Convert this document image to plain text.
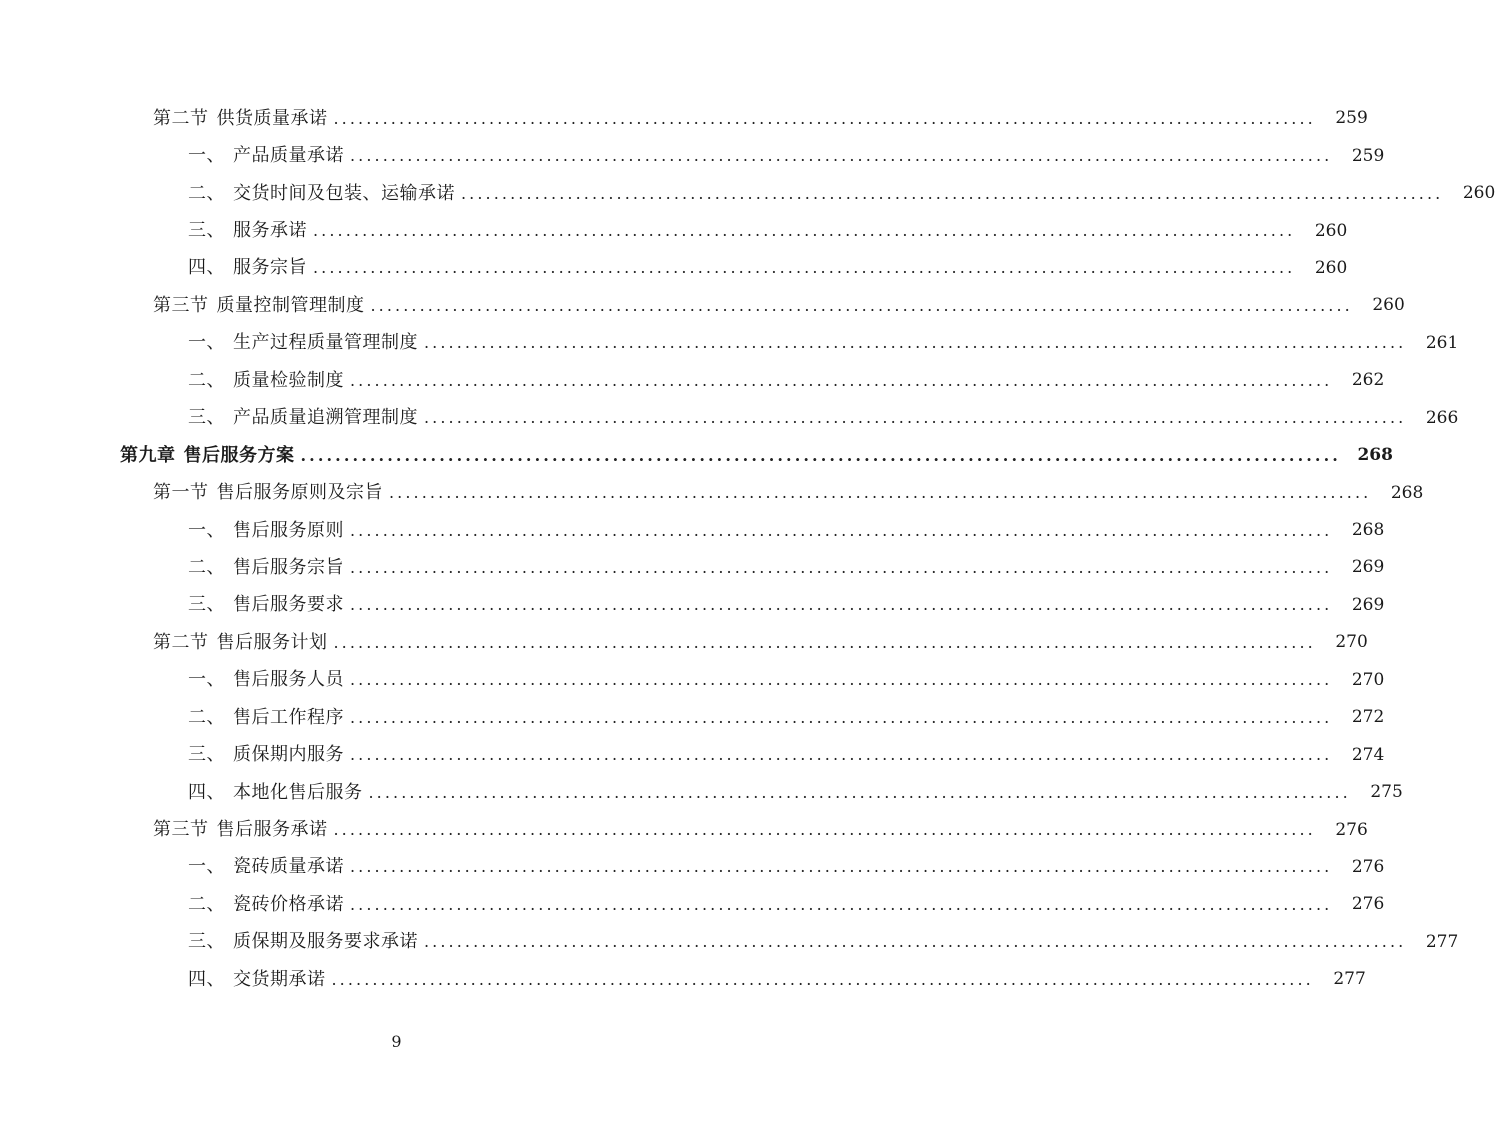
第二节 供货质量承诺 ........................................................................................................................	259
一、 产品质量承诺 ........................................................................................................................	259
二、 交货时间及包装、运输承诺 ........................................................................................................................	260
三、 服务承诺 ........................................................................................................................	260
四、 服务宗旨 ........................................................................................................................	260
第三节 质量控制管理制度 ........................................................................................................................	260
一、 生产过程质量管理制度 ........................................................................................................................	261
二、 质量检验制度 ........................................................................................................................	262
三、 产品质量追溯管理制度 ........................................................................................................................	266
第九章 售后服务方案 ........................................................................................................................ 268
第一节 售后服务原则及宗旨 ........................................................................................................................	268
一、 售后服务原则 ........................................................................................................................	268
二、 售后服务宗旨 ........................................................................................................................	269
三、 售后服务要求 ........................................................................................................................	269
第二节 售后服务计划 ........................................................................................................................	270
一、 售后服务人员 ........................................................................................................................	270
二、 售后工作程序 ........................................................................................................................	272
三、 质保期内服务 ........................................................................................................................	274
四、 本地化售后服务 ........................................................................................................................	275
第三节 售后服务承诺 ........................................................................................................................	276
一、 瓷砖质量承诺 ........................................................................................................................	276
二、 瓷砖价格承诺 ........................................................................................................................	276
三、 质保期及服务要求承诺 ........................................................................................................................	277
四、 交货期承诺 ........................................................................................................................	277
9
